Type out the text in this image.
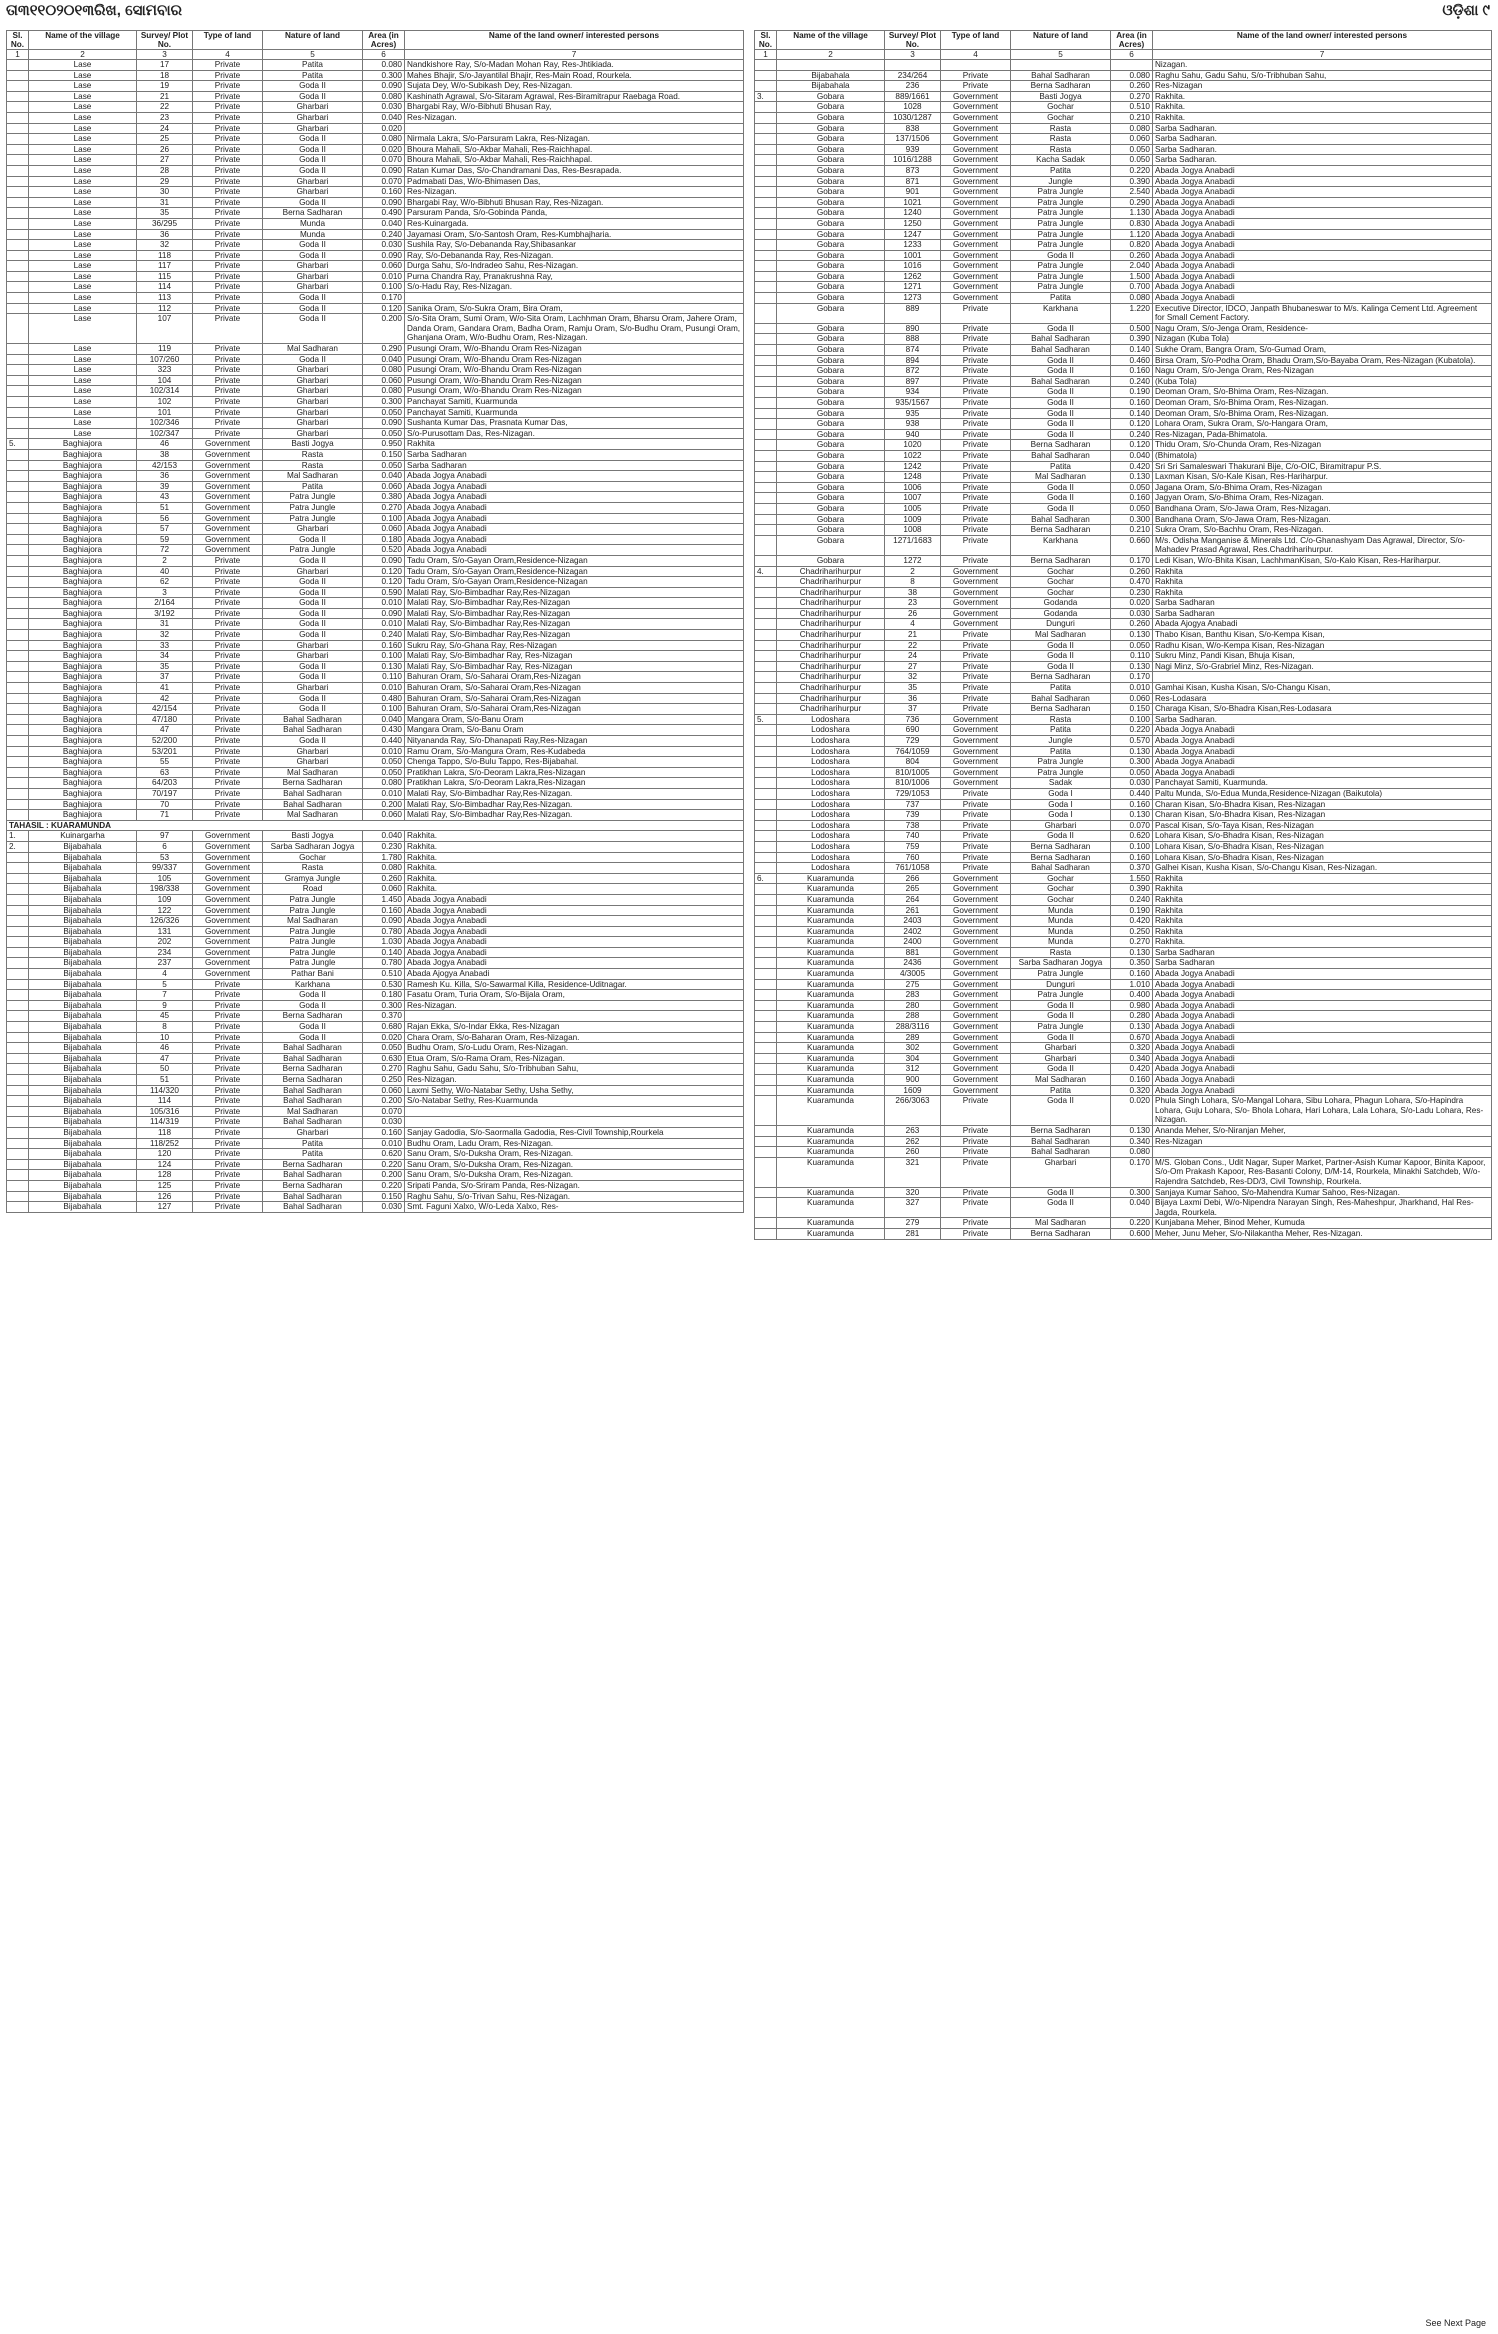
ତା୩୧୧୦୨୦୧୩ରିଖ, ସୋମବାର	ଓଡ଼ିଶା ୯
Sl. No.	Name of the village	Survey/ Plot No.	Type of land	Nature of land	Area (in Acres)	Name of the land owner/ interested persons
1	2	3	4	5	6	7
	Lase	17	Private	Patita	0.080	Nandkishore Ray, S/o-Madan Mohan Ray, Res-Jhtikiada.
	Lase	18	Private	Patita	0.300	Mahes Bhajir, S/o-Jayantilal Bhajir, Res-Main Road, Rourkela.
	Lase	19	Private	Goda II	0.090	Sujata Dey, W/o-Subikash Dey, Res-Nizagan.
	Lase	21	Private	Goda II	0.080	Kashinath Agrawal, S/o-Sitaram Agrawal, Res-Biramitrapur Raebaga Road.
	Lase	22	Private	Gharbari	0.030	Bhargabi Ray, W/o-Bibhuti Bhusan Ray,
	Lase	23	Private	Gharbari	0.040	Res-Nizagan.
	Lase	24	Private	Gharbari	0.020	
	Lase	25	Private	Goda II	0.080	Nirmala Lakra, S/o-Parsuram Lakra, Res-Nizagan.
	Lase	26	Private	Goda II	0.020	Bhoura Mahali, S/o-Akbar Mahali, Res-Raichhapal.
	Lase	27	Private	Goda II	0.070	Bhoura Mahali, S/o-Akbar Mahali, Res-Raichhapal.
	Lase	28	Private	Goda II	0.090	Ratan Kumar Das, S/o-Chandramani Das, Res-Besrapada.
	Lase	29	Private	Gharbari	0.070	Padmabati Das, W/o-Bhimasen Das,
	Lase	30	Private	Gharbari	0.160	Res-Nizagan.
	Lase	31	Private	Goda II	0.090	Bhargabi Ray, W/o-Bibhuti Bhusan Ray, Res-Nizagan.
	Lase	35	Private	Berna Sadharan	0.490	Parsuram Panda, S/o-Gobinda Panda,
	Lase	36/295	Private	Munda	0.040	Res-Kuinargada.
	Lase	36	Private	Munda	0.240	Jayamasi Oram, S/o-Santosh Oram, Res-Kumbhajharia.
	Lase	32	Private	Goda II	0.030	Sushila Ray, S/o-Debananda Ray,Shibasankar
	Lase	118	Private	Goda II	0.090	Ray, S/o-Debananda Ray, Res-Nizagan.
	Lase	117	Private	Gharbari	0.060	Durga Sahu, S/o-Indradeo Sahu, Res-Nizagan.
	Lase	115	Private	Gharbari	0.010	Purna Chandra Ray, Pranakrushna Ray,
	Lase	114	Private	Gharbari	0.100	S/o-Hadu Ray, Res-Nizagan.
	Lase	113	Private	Goda II	0.170	
	Lase	112	Private	Goda II	0.120	Sanika Oram, S/o-Sukra Oram, Bira Oram,
	Lase	107	Private	Goda II	0.200	S/o-Sita Oram, Sumi Oram, W/o-Sita Oram, Lachhman Oram, Bharsu Oram, Jahere Oram, Danda Oram, Gandara Oram, Badha Oram, Ramju Oram, S/o-Budhu Oram, Pusungi Oram, Ghanjana Oram, W/o-Budhu Oram, Res-Nizagan.
	Lase	119	Private	Mal Sadharan	0.290	Pusungi Oram, W/o-Bhandu Oram Res-Nizagan
	Lase	107/260	Private	Goda II	0.040	Pusungi Oram, W/o-Bhandu Oram Res-Nizagan
	Lase	323	Private	Gharbari	0.080	Pusungi Oram, W/o-Bhandu Oram Res-Nizagan
	Lase	104	Private	Gharbari	0.060	Pusungi Oram, W/o-Bhandu Oram Res-Nizagan
	Lase	102/314	Private	Gharbari	0.080	Pusungi Oram, W/o-Bhandu Oram Res-Nizagan
	Lase	102	Private	Gharbari	0.300	Panchayat Samiti, Kuarmunda
	Lase	101	Private	Gharbari	0.050	Panchayat Samiti, Kuarmunda
	Lase	102/346	Private	Gharbari	0.090	Sushanta Kumar Das, Prasnata Kumar Das,
	Lase	102/347	Private	Gharbari	0.050	S/o-Purusottam Das, Res-Nizagan.
5.	Baghiajora	46	Government	Basti Jogya	0.950	Rakhita
	Baghiajora	38	Government	Rasta	0.150	Sarba Sadharan
	Baghiajora	42/153	Government	Rasta	0.050	Sarba Sadharan
	Baghiajora	36	Government	Mal Sadharan	0.040	Abada Jogya Anabadi
	Baghiajora	39	Government	Patita	0.060	Abada Jogya Anabadi
	Baghiajora	43	Government	Patra Jungle	0.380	Abada Jogya Anabadi
	Baghiajora	51	Government	Patra Jungle	0.270	Abada Jogya Anabadi
	Baghiajora	56	Government	Patra Jungle	0.100	Abada Jogya Anabadi
	Baghiajora	57	Government	Gharbari	0.060	Abada Jogya Anabadi
	Baghiajora	59	Government	Goda II	0.180	Abada Jogya Anabadi
	Baghiajora	72	Government	Patra Jungle	0.520	Abada Jogya Anabadi
	Baghiajora	2	Private	Goda II	0.090	Tadu Oram, S/o-Gayan Oram,Residence-Nizagan
	Baghiajora	40	Private	Gharbari	0.120	Tadu Oram, S/o-Gayan Oram,Residence-Nizagan
	Baghiajora	62	Private	Goda II	0.120	Tadu Oram, S/o-Gayan Oram,Residence-Nizagan
	Baghiajora	3	Private	Goda II	0.590	Malati Ray, S/o-Bimbadhar Ray,Res-Nizagan
	Baghiajora	2/164	Private	Goda II	0.010	Malati Ray, S/o-Bimbadhar Ray,Res-Nizagan
	Baghiajora	3/192	Private	Goda II	0.090	Malati Ray, S/o-Bimbadhar Ray,Res-Nizagan
	Baghiajora	31	Private	Goda II	0.010	Malati Ray, S/o-Bimbadhar Ray,Res-Nizagan
	Baghiajora	32	Private	Goda II	0.240	Malati Ray, S/o-Bimbadhar Ray,Res-Nizagan
	Baghiajora	33	Private	Gharbari	0.160	Sukru Ray, S/o-Ghana Ray, Res-Nizagan
	Baghiajora	34	Private	Gharbari	0.100	Malati Ray, S/o-Bimbadhar Ray, Res-Nizagan
	Baghiajora	35	Private	Goda II	0.130	Malati Ray, S/o-Bimbadhar Ray, Res-Nizagan
	Baghiajora	37	Private	Goda II	0.110	Bahuran Oram, S/o-Saharai Oram,Res-Nizagan
	Baghiajora	41	Private	Gharbari	0.010	Bahuran Oram, S/o-Saharai Oram,Res-Nizagan
	Baghiajora	42	Private	Goda II	0.480	Bahuran Oram, S/o-Saharai Oram,Res-Nizagan
	Baghiajora	42/154	Private	Goda II	0.100	Bahuran Oram, S/o-Saharai Oram,Res-Nizagan
	Baghiajora	47/180	Private	Bahal Sadharan	0.040	Mangara Oram, S/o-Banu Oram
	Baghiajora	47	Private	Bahal Sadharan	0.430	Mangara Oram, S/o-Banu Oram
	Baghiajora	52/200	Private	Goda II	0.440	Nityananda Ray, S/o-Dhanapati Ray,Res-Nizagan
	Baghiajora	53/201	Private	Gharbari	0.010	Ramu Oram, S/o-Mangura Oram, Res-Kudabeda
	Baghiajora	55	Private	Gharbari	0.050	Chenga Tappo, S/o-Bulu Tappo, Res-Bijabahal.
	Baghiajora	63	Private	Mal Sadharan	0.050	Pratikhan Lakra, S/o-Deoram Lakra,Res-Nizagan
	Baghiajora	64/203	Private	Berna Sadharan	0.080	Pratikhan Lakra, S/o-Deoram Lakra,Res-Nizagan
	Baghiajora	70/197	Private	Bahal Sadharan	0.010	Malati Ray, S/o-Bimbadhar Ray,Res-Nizagan.
	Baghiajora	70	Private	Bahal Sadharan	0.200	Malati Ray, S/o-Bimbadhar Ray,Res-Nizagan.
	Baghiajora	71	Private	Mal Sadharan	0.060	Malati Ray, S/o-Bimbadhar Ray,Res-Nizagan.
TAHASIL : KUARAMUNDA						
1.	Kuinargarha	97	Government	Basti Jogya	0.040	Rakhita.
2.	Bijabahala	6	Government	Sarba Sadharan Jogya	0.230	Rakhita.
	Bijabahala	53	Government	Gochar	1.780	Rakhita.
	Bijabahala	99/337	Government	Rasta	0.080	Rakhita.
	Bijabahala	105	Government	Gramya Jungle	0.260	Rakhita.
	Bijabahala	198/338	Government	Road	0.060	Rakhita.
	Bijabahala	109	Government	Patra Jungle	1.450	Abada Jogya Anabadi
	Bijabahala	122	Government	Patra Jungle	0.160	Abada Jogya Anabadi
	Bijabahala	126/326	Government	Mal Sadharan	0.090	Abada Jogya Anabadi
	Bijabahala	131	Government	Patra Jungle	0.780	Abada Jogya Anabadi
	Bijabahala	202	Government	Patra Jungle	1.030	Abada Jogya Anabadi
	Bijabahala	234	Government	Patra Jungle	0.140	Abada Jogya Anabadi
	Bijabahala	237	Government	Patra Jungle	0.780	Abada Jogya Anabadi
	Bijabahala	4	Government	Pathar Bani	0.510	Abada Ajogya Anabadi
	Bijabahala	5	Private	Karkhana	0.530	Ramesh Ku. Killa, S/o-Sawarmal Killa, Residence-Uditnagar.
	Bijabahala	7	Private	Goda II	0.180	Fasatu Oram, Turia Oram, S/o-Bijala Oram,
	Bijabahala	9	Private	Goda II	0.300	Res-Nizagan.
	Bijabahala	45	Private	Berna Sadharan	0.370	
	Bijabahala	8	Private	Goda II	0.680	Rajan Ekka, S/o-Indar Ekka, Res-Nizagan
	Bijabahala	10	Private	Goda II	0.020	Chara Oram, S/o-Baharan Oram, Res-Nizagan.
	Bijabahala	46	Private	Bahal Sadharan	0.050	Budhu Oram, S/o-Ludu Oram, Res-Nizagan.
	Bijabahala	47	Private	Bahal Sadharan	0.630	Etua Oram, S/o-Rama Oram, Res-Nizagan.
	Bijabahala	50	Private	Berna Sadharan	0.270	Raghu Sahu, Gadu Sahu, S/o-Tribhuban Sahu,
	Bijabahala	51	Private	Berna Sadharan	0.250	Res-Nizagan.
	Bijabahala	114/320	Private	Bahal Sadharan	0.060	Laxmi Sethy, W/o-Natabar Sethy, Usha Sethy,
	Bijabahala	114	Private	Bahal Sadharan	0.200	S/o-Natabar Sethy, Res-Kuarmunda
	Bijabahala	105/316	Private	Mal Sadharan	0.070	
	Bijabahala	114/319	Private	Bahal Sadharan	0.030	
	Bijabahala	118	Private	Gharbari	0.160	Sanjay Gadodia, S/o-Saormalla Gadodia, Res-Civil Township,Rourkela
	Bijabahala	118/252	Private	Patita	0.010	Budhu Oram, Ladu Oram, Res-Nizagan.
	Bijabahala	120	Private	Patita	0.620	Sanu Oram, S/o-Duksha Oram, Res-Nizagan.
	Bijabahala	124	Private	Berna Sadharan	0.220	Sanu Oram, S/o-Duksha Oram, Res-Nizagan.
	Bijabahala	128	Private	Bahal Sadharan	0.200	Sanu Oram, S/o-Duksha Oram, Res-Nizagan.
	Bijabahala	125	Private	Berna Sadharan	0.220	Sripati Panda, S/o-Sriram Panda, Res-Nizagan.
	Bijabahala	126	Private	Bahal Sadharan	0.150	Raghu Sahu, S/o-Trivan Sahu, Res-Nizagan.
	Bijabahala	127	Private	Bahal Sadharan	0.030	Smt. Faguni Xalxo, W/o-Leda Xalxo, Res-
Sl. No.	Name of the village	Survey/ Plot No.	Type of land	Nature of land	Area (in Acres)	Name of the land owner/ interested persons
1	2	3	4	5	6	7
						Nizagan.
	Bijabahala	234/264	Private	Bahal Sadharan	0.080	Raghu Sahu, Gadu Sahu, S/o-Tribhuban Sahu,
	Bijabahala	236	Private	Berna Sadharan	0.260	Res-Nizagan
3.	Gobara	889/1661	Government	Basti Jogya	0.270	Rakhita.
	Gobara	1028	Government	Gochar	0.510	Rakhita.
	Gobara	1030/1287	Government	Gochar	0.210	Rakhita.
	Gobara	838	Government	Rasta	0.080	Sarba Sadharan.
	Gobara	137/1506	Government	Rasta	0.060	Sarba Sadharan.
	Gobara	939	Government	Rasta	0.050	Sarba Sadharan.
	Gobara	1016/1288	Government	Kacha Sadak	0.050	Sarba Sadharan.
	Gobara	873	Government	Patita	0.220	Abada Jogya Anabadi
	Gobara	871	Government	Jungle	0.390	Abada Jogya Anabadi
	Gobara	901	Government	Patra Jungle	2.540	Abada Jogya Anabadi
	Gobara	1021	Government	Patra Jungle	0.290	Abada Jogya Anabadi
	Gobara	1240	Government	Patra Jungle	1.130	Abada Jogya Anabadi
	Gobara	1250	Government	Patra Jungle	0.830	Abada Jogya Anabadi
	Gobara	1247	Government	Patra Jungle	1.120	Abada Jogya Anabadi
	Gobara	1233	Government	Patra Jungle	0.820	Abada Jogya Anabadi
	Gobara	1001	Government	Goda II	0.260	Abada Jogya Anabadi
	Gobara	1016	Government	Patra Jungle	2.040	Abada Jogya Anabadi
	Gobara	1262	Government	Patra Jungle	1.500	Abada Jogya Anabadi
	Gobara	1271	Government	Patra Jungle	0.700	Abada Jogya Anabadi
	Gobara	1273	Government	Patita	0.080	Abada Jogya Anabadi
	Gobara	889	Private	Karkhana	1.220	Executive Director, IDCO, Janpath Bhubaneswar to M/s. Kalinga Cement Ltd. Agreement for Small Cement Factory.
	Gobara	890	Private	Goda II	0.500	Nagu Oram, S/o-Jenga Oram, Residence-
	Gobara	888	Private	Bahal Sadharan	0.390	Nizagan (Kuba Tola)
	Gobara	874	Private	Bahal Sadharan	0.140	Sukhe Oram, Bangra Oram, S/o-Gumad Oram,
	Gobara	894	Private	Goda II	0.460	Birsa Oram, S/o-Podha Oram, Bhadu Oram,S/o-Bayaba Oram, Res-Nizagan (Kubatola).
	Gobara	872	Private	Goda II	0.160	Nagu Oram, S/o-Jenga Oram, Res-Nizagan
	Gobara	897	Private	Bahal Sadharan	0.240	(Kuba Tola)
	Gobara	934	Private	Goda II	0.190	Deoman Oram, S/o-Bhima Oram, Res-Nizagan.
	Gobara	935/1567	Private	Goda II	0.160	Deoman Oram, S/o-Bhima Oram, Res-Nizagan.
	Gobara	935	Private	Goda II	0.140	Deoman Oram, S/o-Bhima Oram, Res-Nizagan.
	Gobara	938	Private	Goda II	0.120	Lohara Oram, Sukra Oram, S/o-Hangara Oram,
	Gobara	940	Private	Goda II	0.240	Res-Nizagan, Pada-Bhimatola.
	Gobara	1020	Private	Berna Sadharan	0.120	Thidu Oram, S/o-Chunda Oram, Res-Nizagan
	Gobara	1022	Private	Bahal Sadharan	0.040	(Bhimatola)
	Gobara	1242	Private	Patita	0.420	Sri Sri Samaleswari Thakurani Bije, C/o-OIC, Biramitrapur P.S.
	Gobara	1248	Private	Mal Sadharan	0.130	Laxman Kisan, S/o-Kale Kisan, Res-Hariharpur.
	Gobara	1006	Private	Goda II	0.050	Jagana Oram, S/o-Bhima Oram, Res-Nizagan
	Gobara	1007	Private	Goda II	0.160	Jagyan Oram, S/o-Bhima Oram, Res-Nizagan.
	Gobara	1005	Private	Goda II	0.050	Bandhana Oram, S/o-Jawa Oram, Res-Nizagan.
	Gobara	1009	Private	Bahal Sadharan	0.300	Bandhana Oram, S/o-Jawa Oram, Res-Nizagan.
	Gobara	1008	Private	Berna Sadharan	0.210	Sukra Oram, S/o-Bachhu Oram, Res-Nizagan.
	Gobara	1271/1683	Private	Karkhana	0.660	M/s. Odisha Manganise & Minerals Ltd. C/o-Ghanashyam Das Agrawal, Director, S/o-Mahadev Prasad Agrawal, Res.Chadriharihurpur.
	Gobara	1272	Private	Berna Sadharan	0.170	Ledi Kisan, W/o-Bhita Kisan, LachhmanKisan, S/o-Kalo Kisan, Res-Hariharpur.
4.	Chadriharihurpur	2	Government	Gochar	0.260	Rakhita
	Chadriharihurpur	8	Government	Gochar	0.470	Rakhita
	Chadriharihurpur	38	Government	Gochar	0.230	Rakhita
	Chadriharihurpur	23	Government	Godanda	0.020	Sarba Sadharan
	Chadriharihurpur	26	Government	Godanda	0.030	Sarba Sadharan
	Chadriharihurpur	4	Government	Dunguri	0.260	Abada Ajogya Anabadi
	Chadriharihurpur	21	Private	Mal Sadharan	0.130	Thabo Kisan, Banthu Kisan, S/o-Kempa Kisan,
	Chadriharihurpur	22	Private	Goda II	0.050	Radhu Kisan, W/o-Kempa Kisan, Res-Nizagan
	Chadriharihurpur	24	Private	Goda II	0.110	Sukru Minz, Pandi Kisan, Bhuja Kisan,
	Chadriharihurpur	27	Private	Goda II	0.130	Nagi Minz, S/o-Grabriel Minz, Res-Nizagan.
	Chadriharihurpur	32	Private	Berna Sadharan	0.170	
	Chadriharihurpur	35	Private	Patita	0.010	Gamhai Kisan, Kusha Kisan, S/o-Changu Kisan,
	Chadriharihurpur	36	Private	Bahal Sadharan	0.060	Res-Lodasara
	Chadriharihurpur	37	Private	Berna Sadharan	0.150	Charaga Kisan, S/o-Bhadra Kisan,Res-Lodasara
5.	Lodoshara	736	Government	Rasta	0.100	Sarba Sadharan.
	Lodoshara	690	Government	Patita	0.220	Abada Jogya Anabadi
	Lodoshara	729	Government	Jungle	0.570	Abada Jogya Anabadi
	Lodoshara	764/1059	Government	Patita	0.130	Abada Jogya Anabadi
	Lodoshara	804	Government	Patra Jungle	0.300	Abada Jogya Anabadi
	Lodoshara	810/1005	Government	Patra Jungle	0.050	Abada Jogya Anabadi
	Lodoshara	810/1006	Government	Sadak	0.030	Panchayat Samiti, Kuarmunda.
	Lodoshara	729/1053	Private	Goda I	0.440	Paltu Munda, S/o-Edua Munda,Residence-Nizagan (Baikutola)
	Lodoshara	737	Private	Goda I	0.160	Charan Kisan, S/o-Bhadra Kisan, Res-Nizagan
	Lodoshara	739	Private	Goda I	0.130	Charan Kisan, S/o-Bhadra Kisan, Res-Nizagan
	Lodoshara	738	Private	Gharbari	0.070	Pascal Kisan, S/o-Taya Kisan, Res-Nizagan
	Lodoshara	740	Private	Goda II	0.620	Lohara Kisan, S/o-Bhadra Kisan, Res-Nizagan
	Lodoshara	759	Private	Berna Sadharan	0.100	Lohara Kisan, S/o-Bhadra Kisan, Res-Nizagan
	Lodoshara	760	Private	Berna Sadharan	0.160	Lohara Kisan, S/o-Bhadra Kisan, Res-Nizagan
	Lodoshara	761/1058	Private	Bahal Sadharan	0.370	Galhei Kisan, Kusha Kisan, S/o-Changu Kisan, Res-Nizagan.
6.	Kuaramunda	266	Government	Gochar	1.550	Rakhita
	Kuaramunda	265	Government	Gochar	0.390	Rakhita
	Kuaramunda	264	Government	Gochar	0.240	Rakhita
	Kuaramunda	261	Government	Munda	0.190	Rakhita
	Kuaramunda	2403	Government	Munda	0.420	Rakhita
	Kuaramunda	2402	Government	Munda	0.250	Rakhita
	Kuaramunda	2400	Government	Munda	0.270	Rakhita.
	Kuaramunda	881	Government	Rasta	0.130	Sarba Sadharan
	Kuaramunda	2436	Government	Sarba Sadharan Jogya	0.350	Sarba Sadharan
	Kuaramunda	4/3005	Government	Patra Jungle	0.160	Abada Jogya Anabadi
	Kuaramunda	275	Government	Dunguri	1.010	Abada Jogya Anabadi
	Kuaramunda	283	Government	Patra Jungle	0.400	Abada Jogya Anabadi
	Kuaramunda	280	Government	Goda II	0.980	Abada Jogya Anabadi
	Kuaramunda	288	Government	Goda II	0.280	Abada Jogya Anabadi
	Kuaramunda	288/3116	Government	Patra Jungle	0.130	Abada Jogya Anabadi
	Kuaramunda	289	Government	Goda II	0.670	Abada Jogya Anabadi
	Kuaramunda	302	Government	Gharbari	0.320	Abada Jogya Anabadi
	Kuaramunda	304	Government	Gharbari	0.340	Abada Jogya Anabadi
	Kuaramunda	312	Government	Goda II	0.420	Abada Jogya Anabadi
	Kuaramunda	900	Government	Mal Sadharan	0.160	Abada Jogya Anabadi
	Kuaramunda	1609	Government	Patita	0.320	Abada Jogya Anabadi
	Kuaramunda	266/3063	Private	Goda II	0.020	Phula Singh Lohara, S/o-Mangal Lohara, Sibu Lohara, Phagun Lohara, S/o-Hapindra Lohara, Guju Lohara, S/o- Bhola Lohara, Hari Lohara, Lala Lohara, S/o-Ladu Lohara, Res-Nizagan.
	Kuaramunda	263	Private	Berna Sadharan	0.130	Ananda Meher, S/o-Niranjan Meher,
	Kuaramunda	262	Private	Bahal Sadharan	0.340	Res-Nizagan
	Kuaramunda	260	Private	Bahal Sadharan	0.080	
	Kuaramunda	321	Private	Gharbari	0.170	M/S. Globan Cons., Udit Nagar, Super Market, Partner-Asish Kumar Kapoor, Binita Kapoor, S/o-Om Prakash Kapoor, Res-Basanti Colony, D/M-14, Rourkela, Minakhi Satchdeb, W/o-Rajendra Satchdeb, Res-DD/3, Civil Township, Rourkela.
	Kuaramunda	320	Private	Goda II	0.300	Sanjaya Kumar Sahoo, S/o-Mahendra Kumar Sahoo, Res-Nizagan.
	Kuaramunda	327	Private	Goda II	0.040	Bijaya Laxmi Debi, W/o-Nipendra Narayan Singh, Res-Maheshpur, Jharkhand, Hal Res-Jagda, Rourkela.
	Kuaramunda	279	Private	Mal Sadharan	0.220	Kunjabana Meher, Binod Meher, Kumuda
	Kuaramunda	281	Private	Berna Sadharan	0.600	Meher, Junu Meher, S/o-Nilakantha Meher, Res-Nizagan.
See Next Page
